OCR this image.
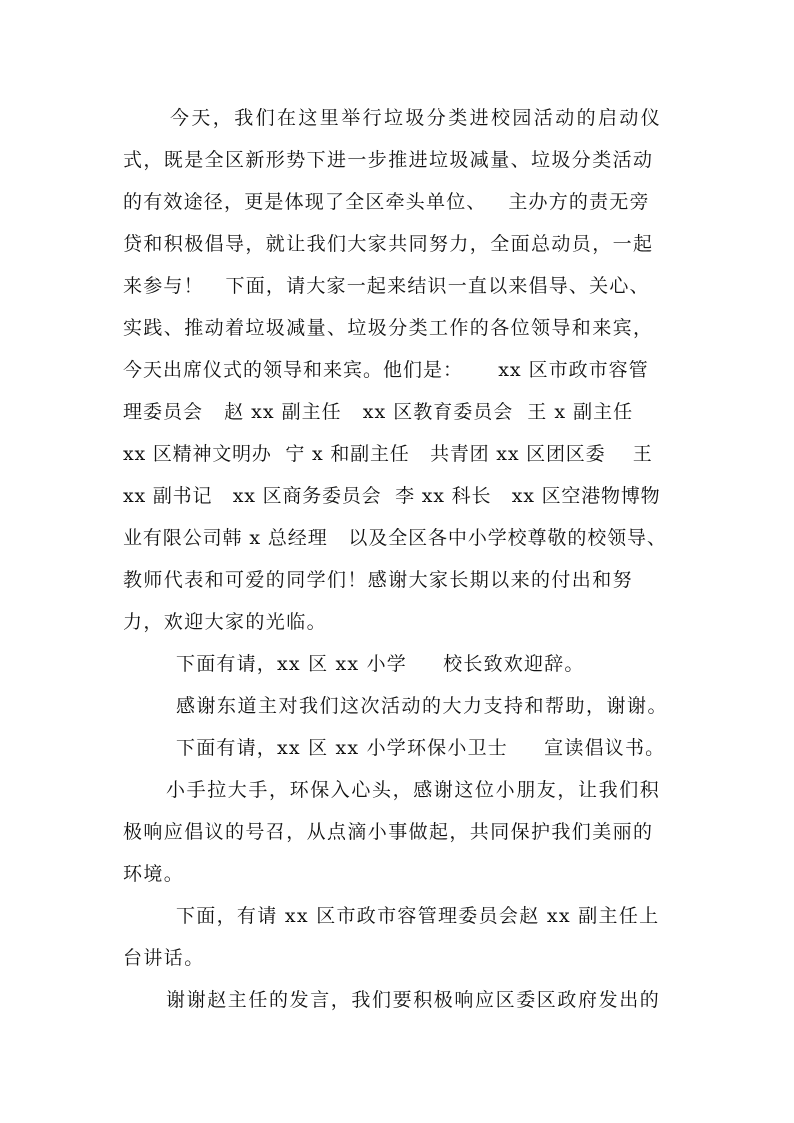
今天，我们在这里举行垃圾分类进校园活动的启动仪
式，既是全区新形势下进一步推进垃圾减量、垃圾分类活动
的有效途径，更是体现了全区牵头单位、   主办方的责无旁
贷和积极倡导，就让我们大家共同努力，全面总动员，一起
来参与！   下面，请大家一起来结识一直以来倡导、关心、
实践、推动着垃圾减量、垃圾分类工作的各位领导和来宾，
今天出席仪式的领导和来宾。他们是：     xx 区市政市容管
理委员会   赵 xx 副主任   xx 区教育委员会  王 x 副主任
xx 区精神文明办  宁 x 和副主任   共青团 xx 区团区委    王
xx 副书记   xx 区商务委员会  李 xx 科长   xx 区空港物博物
业有限公司韩 x 总经理   以及全区各中小学校尊敬的校领导、
教师代表和可爱的同学们！感谢大家长期以来的付出和努
力，欢迎大家的光临。
下面有请，xx 区 xx 小学     校长致欢迎辞。
感谢东道主对我们这次活动的大力支持和帮助，谢谢。
下面有请，xx 区 xx 小学环保小卫士     宣读倡议书。
小手拉大手，环保入心头，感谢这位小朋友，让我们积
极响应倡议的号召，从点滴小事做起，共同保护我们美丽的
环境。
下面，有请 xx 区市政市容管理委员会赵 xx 副主任上
台讲话。
谢谢赵主任的发言，我们要积极响应区委区政府发出的
